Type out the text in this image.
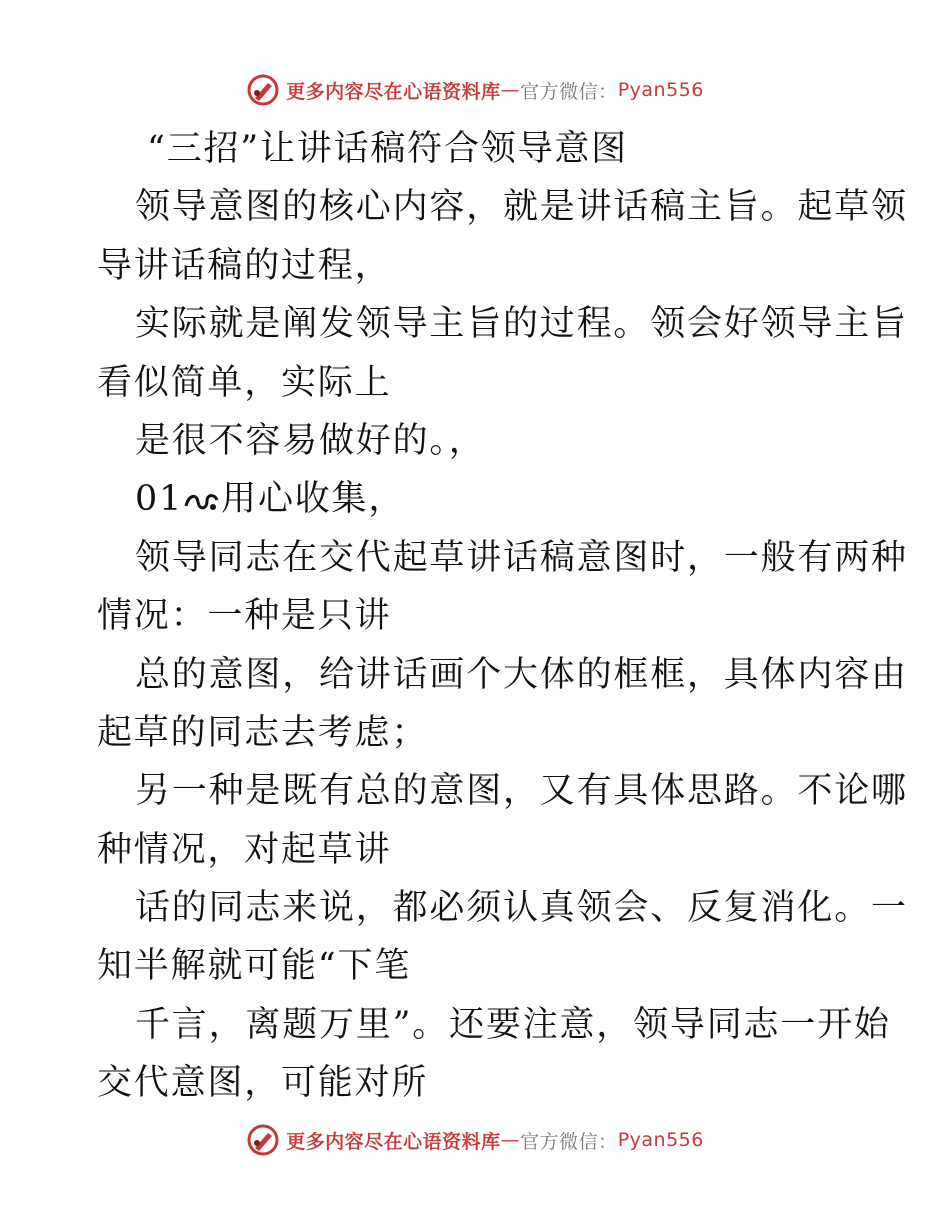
更多内容尽在心语资料库 — 官方微信： Pyan556
“三招”让讲话稿符合领导意图
领导意图的核心内容，就是讲话稿主旨。起草领
导讲话稿的过程，
实际就是阐发领导主旨的过程。领会好领导主旨
看似简单，实际上
是很不容易做好的。，
01 用心收集，
领导同志在交代起草讲话稿意图时，一般有两种
情况：一种是只讲
总的意图，给讲话画个大体的框框，具体内容由
起草的同志去考虑；
另一种是既有总的意图，又有具体思路。不论哪
种情况，对起草讲
话的同志来说，都必须认真领会、反复消化。一
知半解就可能“下笔
千言，离题万里”。还要注意，领导同志一开始
交代意图，可能对所
更多内容尽在心语资料库 — 官方微信： Pyan556
